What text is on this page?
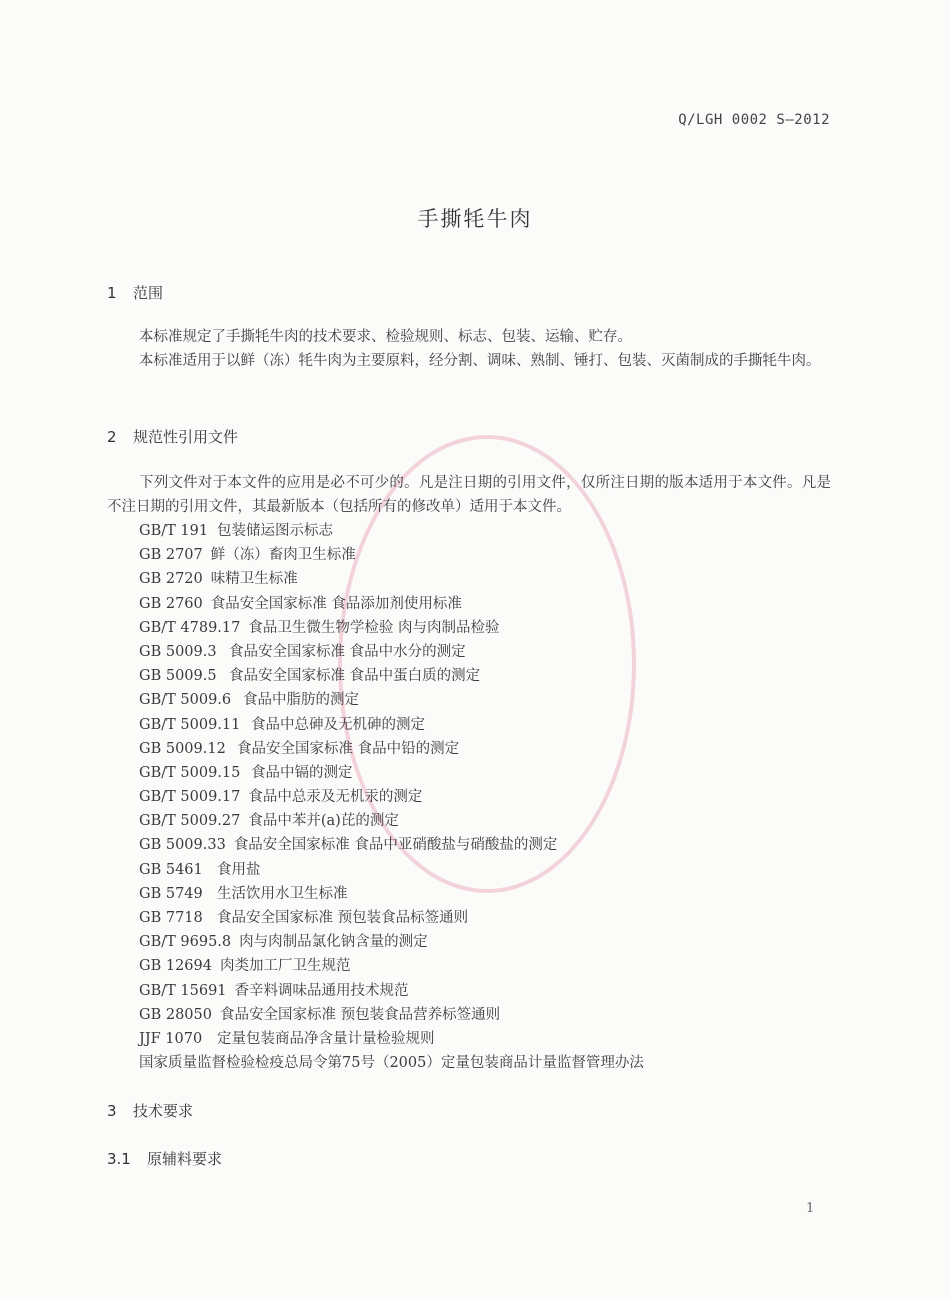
Q/LGH 0002 S—2012
手撕牦牛肉
1 范围
本标准规定了手撕牦牛肉的技术要求、检验规则、标志、包装、运输、贮存。
本标准适用于以鲜（冻）牦牛肉为主要原料，经分割、调味、熟制、锤打、包装、灭菌制成的手撕牦牛肉。
2 规范性引用文件
下列文件对于本文件的应用是必不可少的。凡是注日期的引用文件，仅所注日期的版本适用于本文件。凡是不注日期的引用文件，其最新版本（包括所有的修改单）适用于本文件。
GB/T 191 包装储运图示标志
GB 2707 鲜（冻）畜肉卫生标准
GB 2720 味精卫生标准
GB 2760 食品安全国家标准 食品添加剂使用标准
GB/T 4789.17 食品卫生微生物学检验 肉与肉制品检验
GB 5009.3 食品安全国家标准 食品中水分的测定
GB 5009.5 食品安全国家标准 食品中蛋白质的测定
GB/T 5009.6 食品中脂肪的测定
GB/T 5009.11 食品中总砷及无机砷的测定
GB 5009.12 食品安全国家标准 食品中铅的测定
GB/T 5009.15 食品中镉的测定
GB/T 5009.17 食品中总汞及无机汞的测定
GB/T 5009.27 食品中苯并(a)芘的测定
GB 5009.33 食品安全国家标准 食品中亚硝酸盐与硝酸盐的测定
GB 5461 食用盐
GB 5749 生活饮用水卫生标准
GB 7718 食品安全国家标准 预包装食品标签通则
GB/T 9695.8 肉与肉制品氯化钠含量的测定
GB 12694 肉类加工厂卫生规范
GB/T 15691 香辛料调味品通用技术规范
GB 28050 食品安全国家标准 预包装食品营养标签通则
JJF 1070 定量包装商品净含量计量检验规则
国家质量监督检验检疫总局令第75号（2005）定量包装商品计量监督管理办法
3 技术要求
3.1 原辅料要求
1
